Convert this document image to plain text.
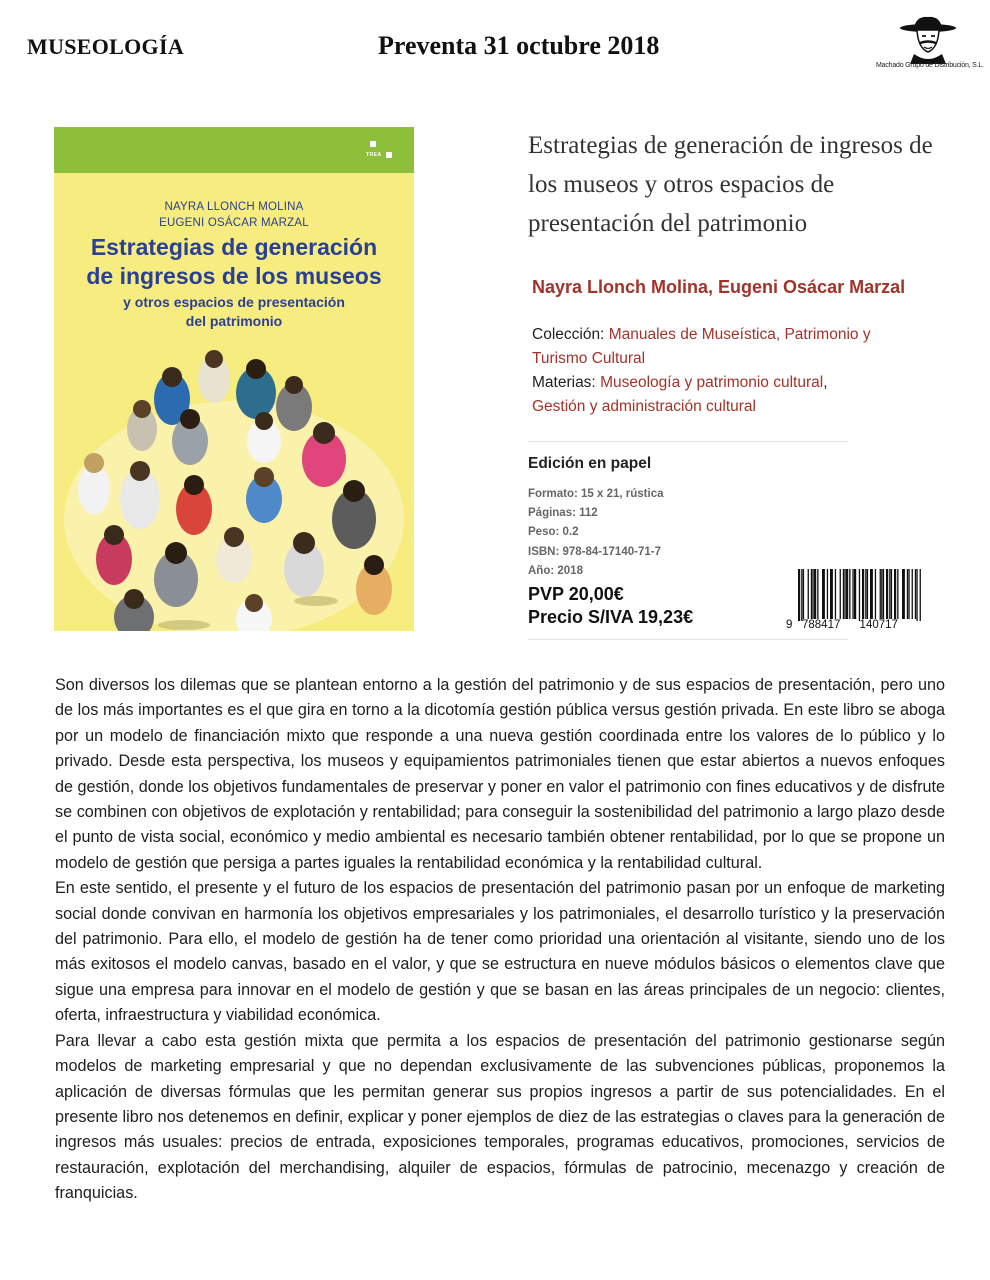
MUSEOLOGÍA	Preventa 31 octubre 2018
Machado Grupo de Distribución, S.L.
TREA
NAYRA LLONCH MOLINA
EUGENI OSÁCAR MARZAL
Estrategias de generación
de ingresos de los museos
y otros espacios de presentación
del patrimonio
Estrategias de generación de ingresos de los museos y otros espacios de presentación del patrimonio
Nayra Llonch Molina, Eugeni Osácar Marzal
Colección: Manuales de Museística, Patrimonio y Turismo Cultural
Materias: Museología y patrimonio cultural,
Gestión y administración cultural
Edición en papel
Formato: 15 x 21, rústica
Páginas: 112
Peso: 0.2
ISBN: 978-84-17140-71-7
Año: 2018
PVP 20,00€
Precio S/IVA 19,23€	9 788417 140717

Son diversos los dilemas que se plantean entorno a la gestión del patrimonio y de sus espacios de presentación, pero uno de los más importantes es el que gira en torno a la dicotomía gestión pública versus gestión privada. En este libro se aboga por un modelo de financiación mixto que responde a una nueva gestión coordinada entre los valores de lo público y lo privado. Desde esta perspectiva, los museos y equipamientos patrimoniales tienen que estar abiertos a nuevos enfoques de gestión, donde los objetivos fundamentales de preservar y poner en valor el patrimonio con fines educativos y de disfrute se combinen con objetivos de explotación y rentabilidad; para conseguir la sostenibilidad del patrimonio a largo plazo desde el punto de vista social, económico y medio ambiental es necesario también obtener rentabilidad, por lo que se propone un modelo de gestión que persiga a partes iguales la rentabilidad económica y la rentabilidad cultural.

En este sentido, el presente y el futuro de los espacios de presentación del patrimonio pasan por un enfoque de marketing social donde convivan en harmonía los objetivos empresariales y los patrimoniales, el desarrollo turístico y la preservación del patrimonio. Para ello, el modelo de gestión ha de tener como prioridad una orientación al visitante, siendo uno de los más exitosos el modelo canvas, basado en el valor, y que se estructura en nueve módulos básicos o elementos clave que sigue una empresa para innovar en el modelo de gestión y que se basan en las áreas principales de un negocio: clientes, oferta, infraestructura y viabilidad económica.

Para llevar a cabo esta gestión mixta que permita a los espacios de presentación del patrimonio gestionarse según modelos de marketing empresarial y que no dependan exclusivamente de las subvenciones públicas, proponemos la aplicación de diversas fórmulas que les permitan generar sus propios ingresos a partir de sus potencialidades. En el presente libro nos detenemos en definir, explicar y poner ejemplos de diez de las estrategias o claves para la generación de ingresos más usuales: precios de entrada, exposiciones temporales, programas educativos, promociones, servicios de restauración, explotación del merchandising, alquiler de espacios, fórmulas de patrocinio, mecenazgo y creación de franquicias.
